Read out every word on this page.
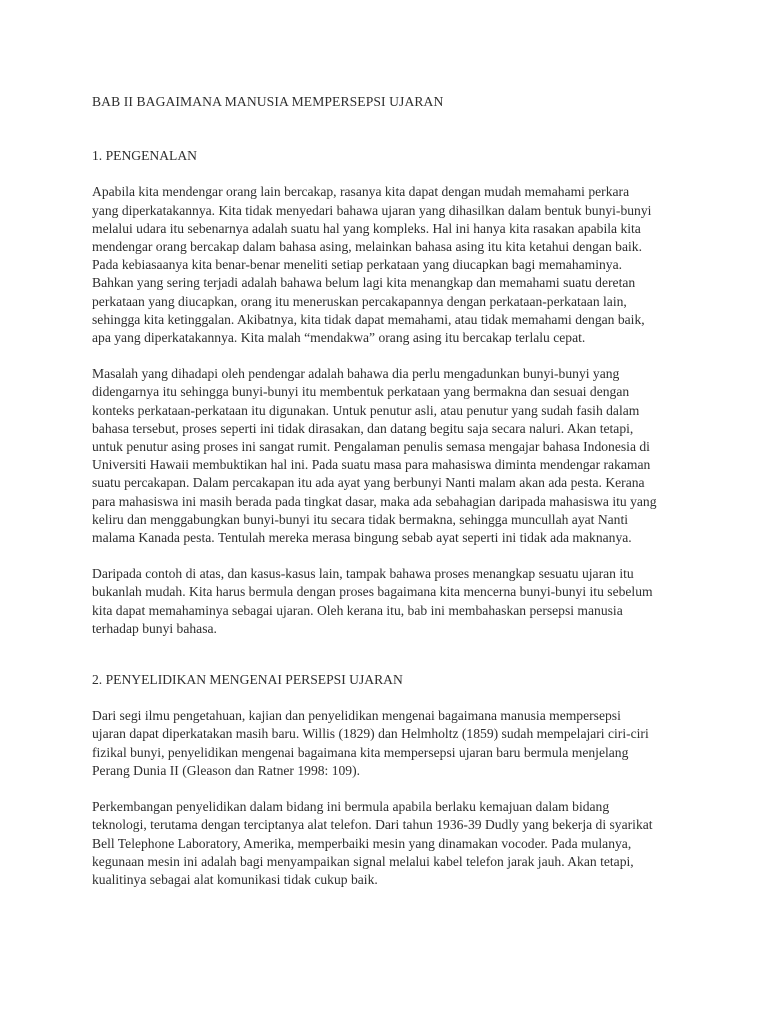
BAB II BAGAIMANA MANUSIA MEMPERSEPSI UJARAN
1. PENGENALAN

Apabila kita mendengar orang lain bercakap, rasanya kita dapat dengan mudah memahami perkara yang diperkatakannya. Kita tidak menyedari bahawa ujaran yang dihasilkan dalam bentuk bunyi-bunyi melalui udara itu sebenarnya adalah suatu hal yang kompleks. Hal ini hanya kita rasakan apabila kita mendengar orang bercakap dalam bahasa asing, melainkan bahasa asing itu kita ketahui dengan baik. Pada kebiasaanya kita benar-benar meneliti setiap perkataan yang diucapkan bagi memahaminya. Bahkan yang sering terjadi adalah bahawa belum lagi kita menangkap dan memahami suatu deretan perkataan yang diucapkan, orang itu meneruskan percakapannya dengan perkataan-perkataan lain, sehingga kita ketinggalan. Akibatnya, kita tidak dapat memahami, atau tidak memahami dengan baik, apa yang diperkatakannya. Kita malah “mendakwa” orang asing itu bercakap terlalu cepat.

Masalah yang dihadapi oleh pendengar adalah bahawa dia perlu mengadunkan bunyi-bunyi yang didengarnya itu sehingga bunyi-bunyi itu membentuk perkataan yang bermakna dan sesuai dengan konteks perkataan-perkataan itu digunakan. Untuk penutur asli, atau penutur yang sudah fasih dalam bahasa tersebut, proses seperti ini tidak dirasakan, dan datang begitu saja secara naluri. Akan tetapi, untuk penutur asing proses ini sangat rumit. Pengalaman penulis semasa mengajar bahasa Indonesia di Universiti Hawaii membuktikan hal ini. Pada suatu masa para mahasiswa diminta mendengar rakaman suatu percakapan. Dalam percakapan itu ada ayat yang berbunyi Nanti malam akan ada pesta. Kerana para mahasiswa ini masih berada pada tingkat dasar, maka ada sebahagian daripada mahasiswa itu yang keliru dan menggabungkan bunyi-bunyi itu secara tidak bermakna, sehingga muncullah ayat Nanti malama Kanada pesta. Tentulah mereka merasa bingung sebab ayat seperti ini tidak ada maknanya.

Daripada contoh di atas, dan kasus-kasus lain, tampak bahawa proses menangkap sesuatu ujaran itu bukanlah mudah. Kita harus bermula dengan proses bagaimana kita mencerna bunyi-bunyi itu sebelum kita dapat memahaminya sebagai ujaran. Oleh kerana itu, bab ini membahaskan persepsi manusia terhadap bunyi bahasa.

2. PENYELIDIKAN MENGENAI PERSEPSI UJARAN

Dari segi ilmu pengetahuan, kajian dan penyelidikan mengenai bagaimana manusia mempersepsi ujaran dapat diperkatakan masih baru. Willis (1829) dan Helmholtz (1859) sudah mempelajari ciri-ciri fizikal bunyi, penyelidikan mengenai bagaimana kita mempersepsi ujaran baru bermula menjelang Perang Dunia II (Gleason dan Ratner 1998: 109).

Perkembangan penyelidikan dalam bidang ini bermula apabila berlaku kemajuan dalam bidang teknologi, terutama dengan terciptanya alat telefon. Dari tahun 1936-39 Dudly yang bekerja di syarikat Bell Telephone Laboratory, Amerika, memperbaiki mesin yang dinamakan vocoder. Pada mulanya, kegunaan mesin ini adalah bagi menyampaikan signal melalui kabel telefon jarak jauh. Akan tetapi, kualitinya sebagai alat komunikasi tidak cukup baik.
